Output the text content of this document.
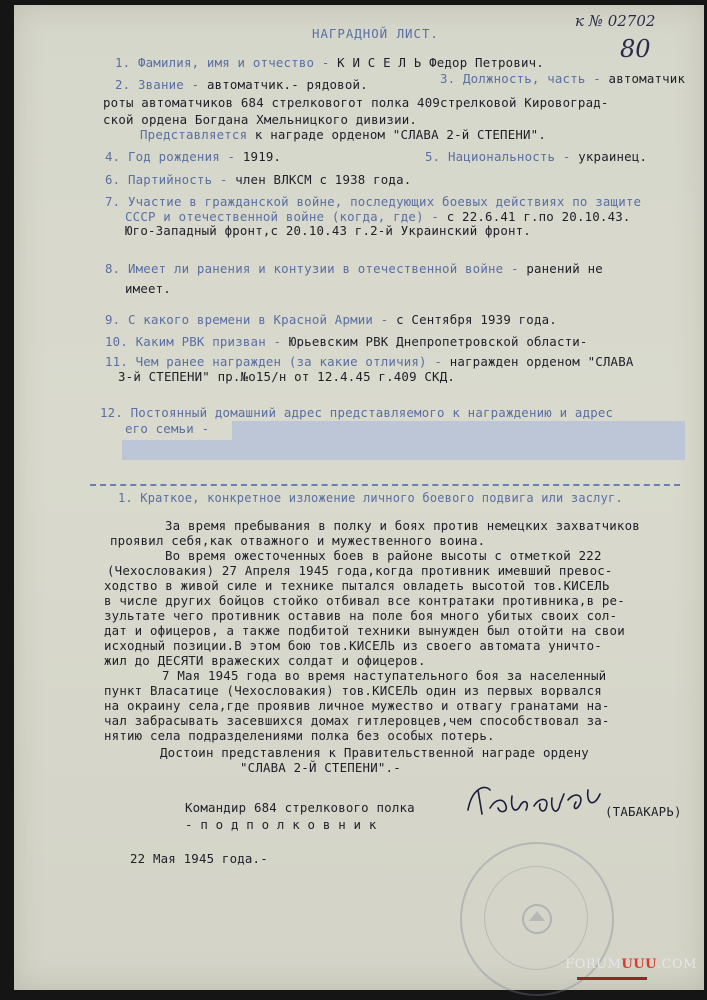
НАГРАДНОЙ ЛИСТ.
к № 02702
80
1. Фамилия, имя и отчество - К И С Е Л Ь Федор Петрович.
2. Звание - автоматчик.- рядовой.	3. Должность, часть - автоматчик
роты автоматчиков 684 стрелковогот полка 409стрелковой Кировоград-
ской ордена Богдана Хмельницкого дивизии.
Представляется к награде орденом "СЛАВА 2-й СТЕПЕНИ".
4. Год рождения - 1919.	5. Национальность - украинец.
6. Партийность - член ВЛКСМ с 1938 года.
7. Участие в гражданской войне, последующих боевых действиях по защите
СССР и отечественной войне (когда, где) - с 22.6.41 г.по 20.10.43.
Юго-Западный фронт,с 20.10.43 г.2-й Украинский фронт.
8. Имеет ли ранения и контузии в отечественной войне - ранений не
имеет.
9. С какого времени в Красной Армии - с Сентября 1939 года.
10. Каким РВК призван - Юрьевским РВК Днепропетровской области-
11. Чем ранее награжден (за какие отличия) - награжден орденом "СЛАВА
3-й СТЕПЕНИ" пр.№о15/н от 12.4.45 г.409 СКД.
12. Постоянный домашний адрес представляемого к награждению и адрес
его семьи -
1. Краткое, конкретное изложение личного боевого подвига или заслуг.
За время пребывания в полку и боях против немецких захватчиков
проявил себя,как отважного и мужественного воина.
Во время ожесточенных боев в районе высоты с отметкой 222
(Чехословакия) 27 Апреля 1945 года,когда противник имевший превос-
ходство в живой силе и технике пытался овладеть высотой тов.КИСЕЛЬ
в числе других бойцов стойко отбивал все контратаки противника,в ре-
зультате чего противник оставив на поле боя много убитых своих сол-
дат и офицеров, а также подбитой техники вынужден был отойти на свои
исходный позиции.В этом бою тов.КИСЕЛЬ из своего автомата уничто-
жил до ДЕСЯТИ вражеских солдат и офицеров.
7 Мая 1945 года во время наступательного боя за населенный
пункт Власатице (Чехословакия) тов.КИСЕЛЬ один из первых ворвался
на окраину села,где проявив личное мужество и отвагу гранатами на-
чал забрасывать засевшихся домах гитлеровцев,чем способствовал за-
нятию села подразделениями полка без особых потерь.
Достоин представления к Правительственной награде ордену
"СЛАВА 2-Й СТЕПЕНИ".-
Командир 684 стрелкового полка
- п о д п о л к о в н и к
(ТАБАКАРЬ)
22 Мая 1945 года.-
FORUMUUU.COM
